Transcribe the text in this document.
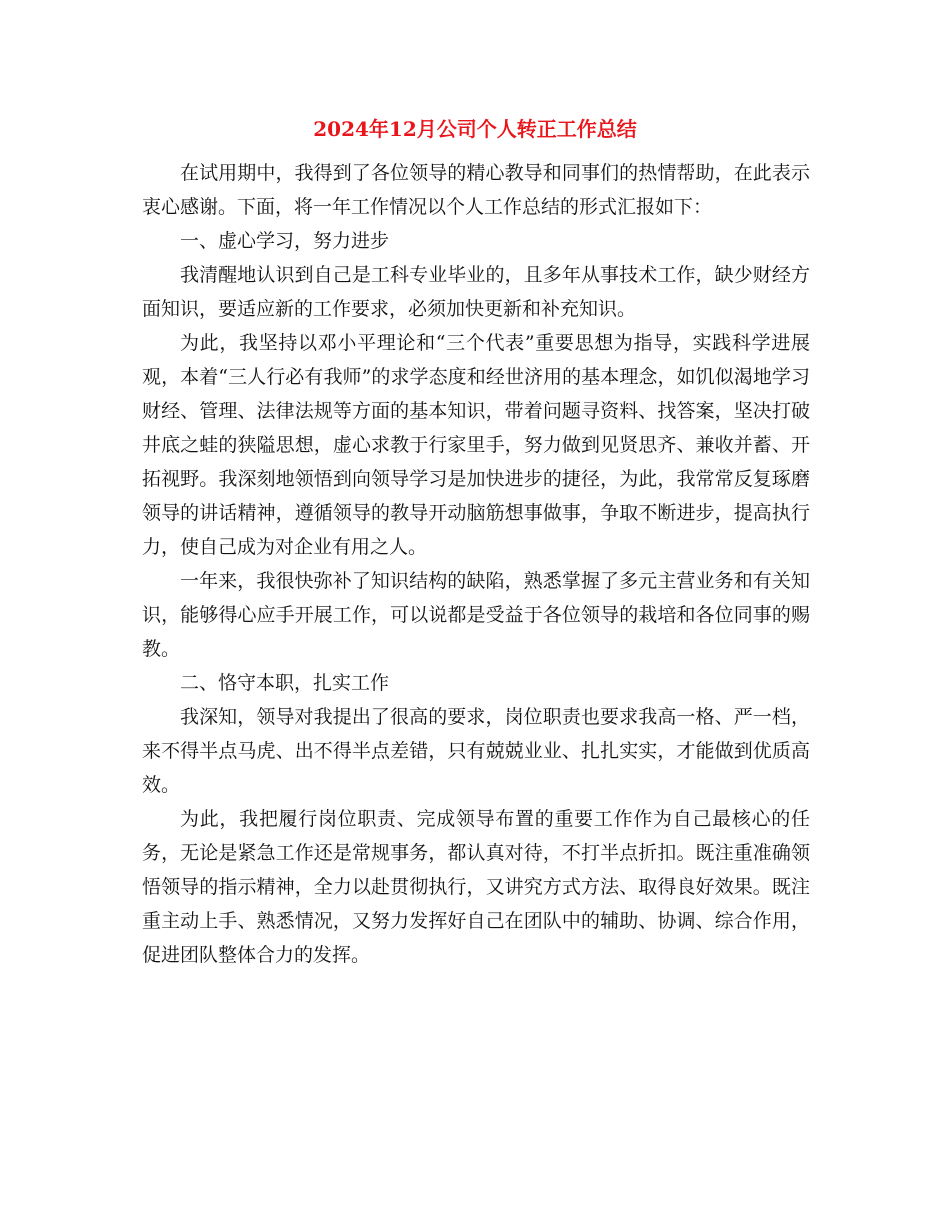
2024年12月公司个人转正工作总结

在试用期中，我得到了各位领导的精心教导和同事们的热情帮助，在此表示衷心感谢。下面，将一年工作情况以个人工作总结的形式汇报如下：

一、虚心学习，努力进步

我清醒地认识到自己是工科专业毕业的，且多年从事技术工作，缺少财经方面知识，要适应新的工作要求，必须加快更新和补充知识。

为此，我坚持以邓小平理论和“三个代表”重要思想为指导，实践科学进展观，本着“三人行必有我师”的求学态度和经世济用的基本理念，如饥似渴地学习财经、管理、法律法规等方面的基本知识，带着问题寻资料、找答案，坚决打破井底之蛙的狭隘思想，虚心求教于行家里手，努力做到见贤思齐、兼收并蓄、开拓视野。我深刻地领悟到向领导学习是加快进步的捷径，为此，我常常反复琢磨领导的讲话精神，遵循领导的教导开动脑筋想事做事，争取不断进步，提高执行力，使自己成为对企业有用之人。

一年来，我很快弥补了知识结构的缺陷，熟悉掌握了多元主营业务和有关知识，能够得心应手开展工作，可以说都是受益于各位领导的栽培和各位同事的赐教。

二、恪守本职，扎实工作

我深知，领导对我提出了很高的要求，岗位职责也要求我高一格、严一档，来不得半点马虎、出不得半点差错，只有兢兢业业、扎扎实实，才能做到优质高效。

为此，我把履行岗位职责、完成领导布置的重要工作作为自己最核心的任务，无论是紧急工作还是常规事务，都认真对待，不打半点折扣。既注重准确领悟领导的指示精神，全力以赴贯彻执行，又讲究方式方法、取得良好效果。既注重主动上手、熟悉情况，又努力发挥好自己在团队中的辅助、协调、综合作用，促进团队整体合力的发挥。
